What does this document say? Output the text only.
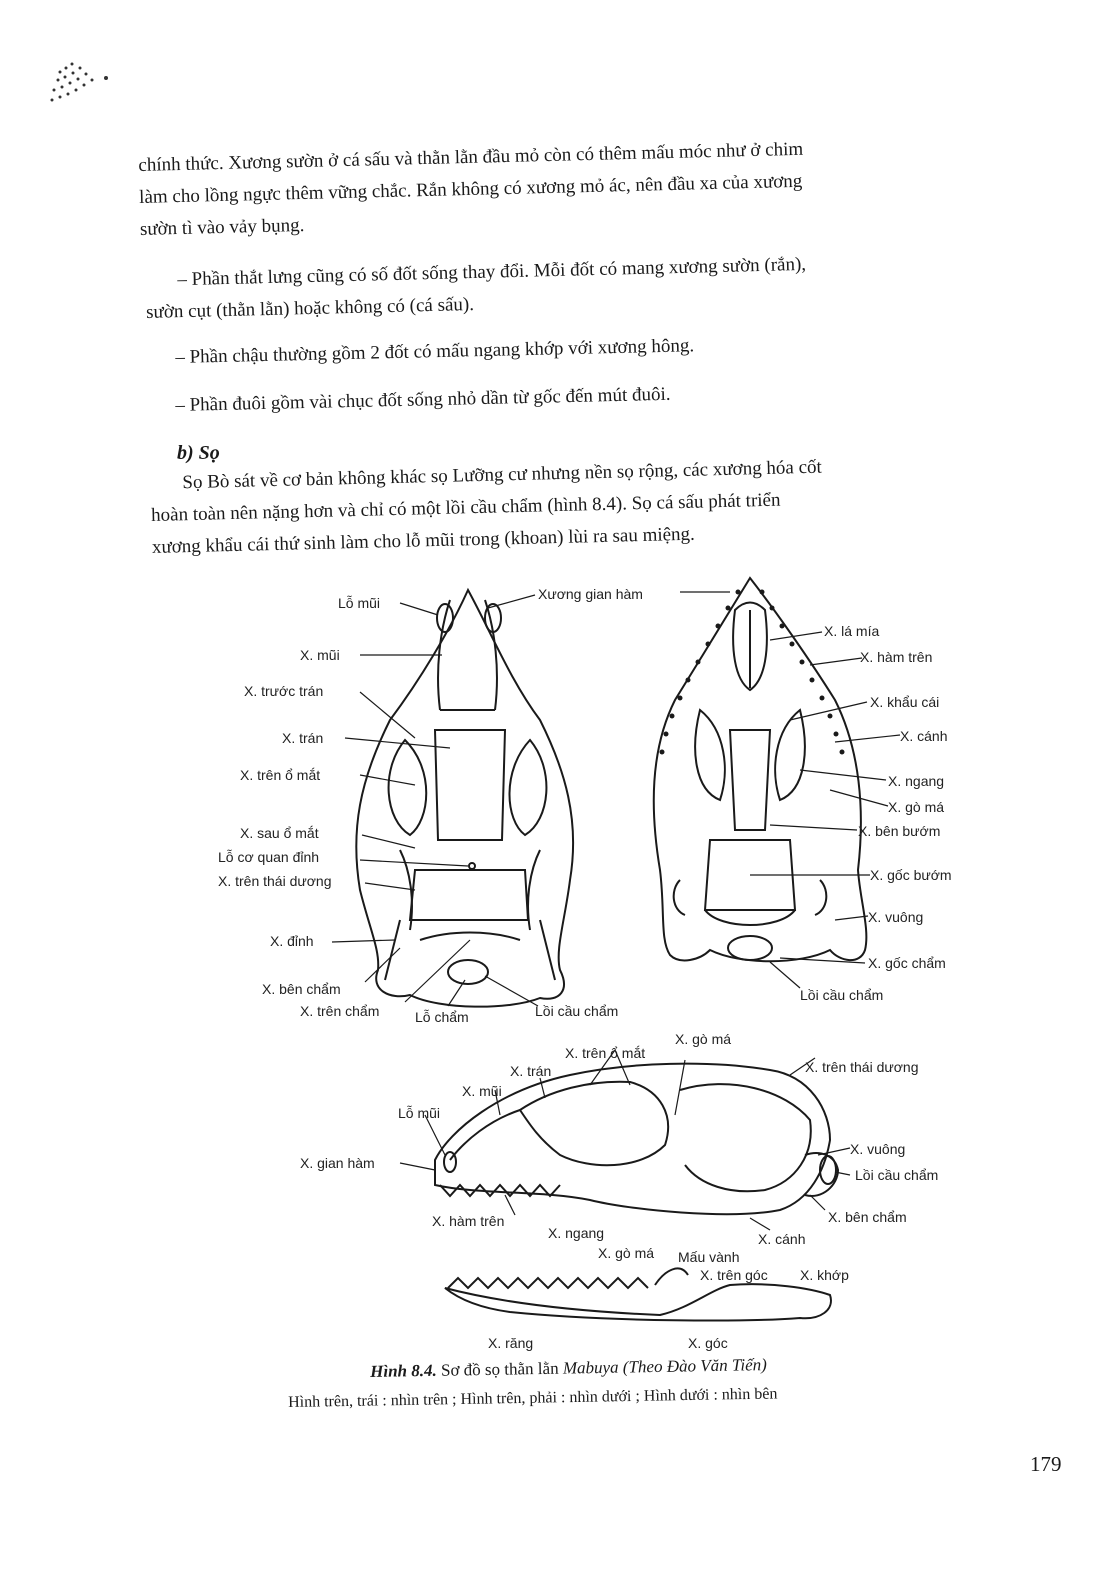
chính thức. Xương sườn ở cá sấu và thằn lằn đầu mỏ còn có thêm mấu móc như ở chim
làm cho lồng ngực thêm vững chắc. Rắn không có xương mỏ ác, nên đầu xa của xương
sườn tì vào vảy bụng.

– Phần thắt lưng cũng có số đốt sống thay đổi. Mỗi đốt có mang xương sườn (rắn),
sườn cụt (thằn lằn) hoặc không có (cá sấu).

– Phần chậu thường gồm 2 đốt có mấu ngang khớp với xương hông.

– Phần đuôi gồm vài chục đốt sống nhỏ dần từ gốc đến mút đuôi.

b) Sọ

Sọ Bò sát về cơ bản không khác sọ Lưỡng cư nhưng nền sọ rộng, các xương hóa cốt
hoàn toàn nên nặng hơn và chỉ có một lồi cầu chẩm (hình 8.4). Sọ cá sấu phát triển
xương khẩu cái thứ sinh làm cho lỗ mũi trong (khoan) lùi ra sau miệng.

Lỗ mũi
Xương gian hàm
X. mũi
X. trước trán
X. trán
X. trên ổ mắt
X. sau ổ mắt
Lỗ cơ quan đỉnh
X. trên thái dương
X. đỉnh
X. bên chẩm
X. trên chẩm	Lỗ chẩm	Lồi cầu chẩm
X. lá mía
X. hàm trên
X. khẩu cái
X. cánh
X. ngang
X. gò má
X. bên bướm
X. gốc bướm
X. vuông
X. gốc chẩm
Lồi cầu chẩm
X. trên ổ mắt
X. gò má
X. trán	X. trên thái dương
X. mũi
Lỗ mũi
X. gian hàm
X. vuông
Lồi cầu chẩm
X. bên chẩm
X. hàm trên
X. ngang	X. cánh
X. gò má Mấu vành
X. trên góc X. khớp
X. răng	X. góc
Hình 8.4. Sơ đồ sọ thằn lằn Mabuya (Theo Đào Văn Tiến)
Hình trên, trái : nhìn trên ; Hình trên, phải : nhìn dưới ; Hình dưới : nhìn bên
179
